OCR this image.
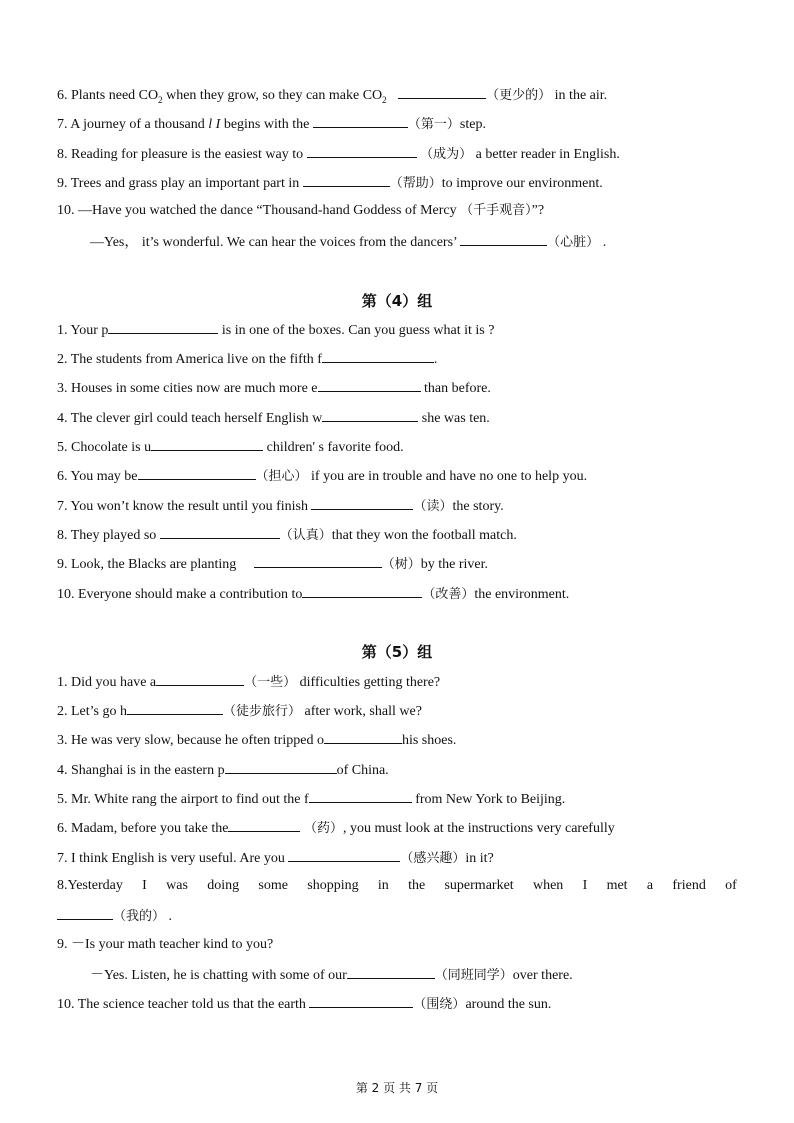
6. Plants need $CO_2$ when they grow, so they can make $CO_2$	（更少的） in the air.
7. A journey of a thousand l I begins with the	（第一）step.
8. Reading for pleasure is the easiest way to	（成为） a better reader in English.
9. Trees and grass play an important part in	（帮助）to improve our environment.
10. —Have you watched the dance “Thousand-hand Goddess of Mercy （千手观音）”?
—Yes， it’s wonderful. We can hear the voices from the dancers’	（心脏） .
第（4）组
1. Your p	is in one of the boxes. Can you guess what it is ?
2. The students from America live on the fifth f	.
3. Houses in some cities now are much more e	than before.
4. The clever girl could teach herself English w	she was ten.
5. Chocolate is u	children' s favorite food.
6. You may be	（担心） if you are in trouble and have no one to help you.
7. You won’t know the result until you finish	（读）the story.
8. They played so	（认真）that they won the football match.
9. Look, the Blacks are planting	（树）by the river.
10. Everyone should make a contribution to	（改善）the environment.
第（5）组
1. Did you have a	（一些） difficulties getting there?
2. Let’s go h	（徒步旅行） after work, shall we?
3. He was very slow, because he often tripped o	his shoes.
4. Shanghai is in the eastern p	of China.
5. Mr. White rang the airport to find out the f	from New York to Beijing.
6. Madam, before you take the	（药）, you must look at the instructions very carefully
7. I think English is very useful. Are you	（感兴趣）in it?
8.Yesterday I was doing some shopping in the supermarket when I met a friend of
（我的） .
9. －Is your math teacher kind to you?
－Yes. Listen, he is chatting with some of our	（同班同学）over there.
10. The science teacher told us that the earth	（围绕）around the sun.
第 2 页 共 7 页
